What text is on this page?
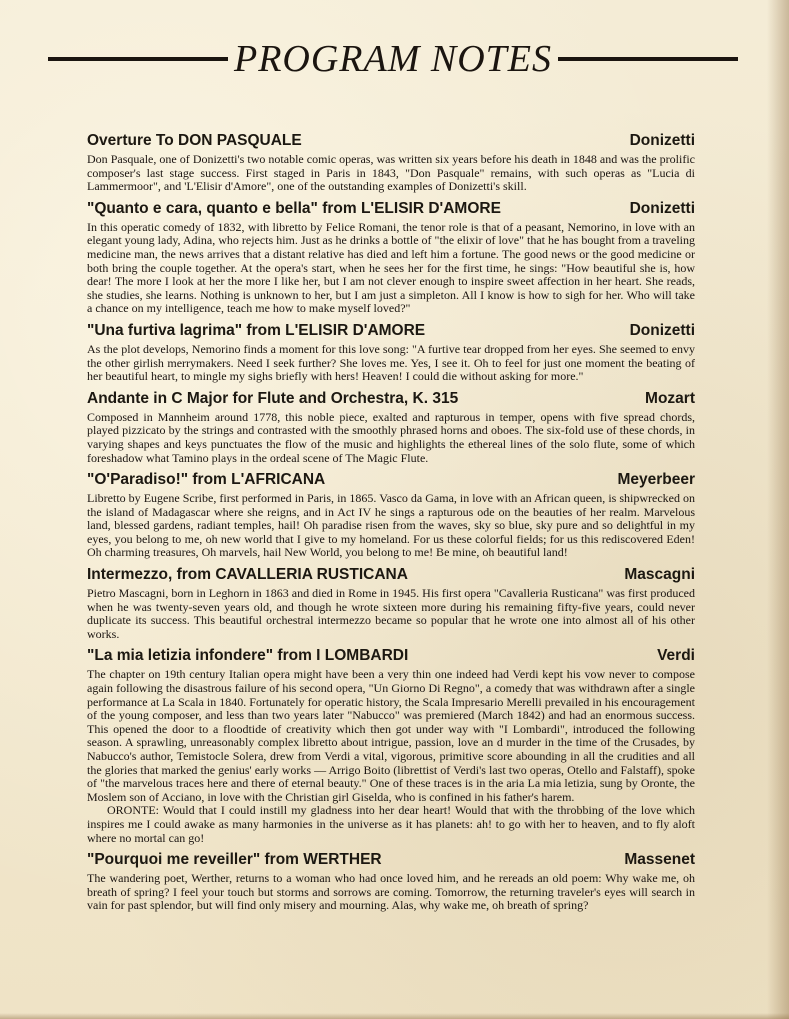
PROGRAM NOTES
Overture To DON PASQUALE	Donizetti

Don Pasquale, one of Donizetti's two notable comic operas, was written six years before his death in 1848 and was the prolific composer's last stage success. First staged in Paris in 1843, "Don Pasquale" remains, with such operas as "Lucia di Lammermoor", and 'L'Elisir d'Amore", one of the outstanding examples of Donizetti's skill.

"Quanto e cara, quanto e bella" from L'ELISIR D'AMORE	Donizetti

In this operatic comedy of 1832, with libretto by Felice Romani, the tenor role is that of a peasant, Nemorino, in love with an elegant young lady, Adina, who rejects him. Just as he drinks a bottle of "the elixir of love" that he has bought from a traveling medicine man, the news arrives that a distant relative has died and left him a fortune. The good news or the good medicine or both bring the couple together. At the opera's start, when he sees her for the first time, he sings: "How beautiful she is, how dear! The more I look at her the more I like her, but I am not clever enough to inspire sweet affection in her heart. She reads, she studies, she learns. Nothing is unknown to her, but I am just a simpleton. All I know is how to sigh for her. Who will take a chance on my intelligence, teach me how to make myself loved?"

"Una furtiva lagrima" from L'ELISIR D'AMORE	Donizetti

As the plot develops, Nemorino finds a moment for this love song: "A furtive tear dropped from her eyes. She seemed to envy the other girlish merrymakers. Need I seek further? She loves me. Yes, I see it. Oh to feel for just one moment the beating of her beautiful heart, to mingle my sighs briefly with hers! Heaven! I could die without asking for more."

Andante in C Major for Flute and Orchestra, K. 315	Mozart

Composed in Mannheim around 1778, this noble piece, exalted and rapturous in temper, opens with five spread chords, played pizzicato by the strings and contrasted with the smoothly phrased horns and oboes. The six-fold use of these chords, in varying shapes and keys punctuates the flow of the music and highlights the ethereal lines of the solo flute, some of which foreshadow what Tamino plays in the ordeal scene of The Magic Flute.

"O'Paradiso!" from L'AFRICANA	Meyerbeer

Libretto by Eugene Scribe, first performed in Paris, in 1865. Vasco da Gama, in love with an African queen, is shipwrecked on the island of Madagascar where she reigns, and in Act IV he sings a rapturous ode on the beauties of her realm. Marvelous land, blessed gardens, radiant temples, hail! Oh paradise risen from the waves, sky so blue, sky pure and so delightful in my eyes, you belong to me, oh new world that I give to my homeland. For us these colorful fields; for us this rediscovered Eden! Oh charming treasures, Oh marvels, hail New World, you belong to me! Be mine, oh beautiful land!

Intermezzo, from CAVALLERIA RUSTICANA	Mascagni

Pietro Mascagni, born in Leghorn in 1863 and died in Rome in 1945. His first opera "Cavalleria Rusticana" was first produced when he was twenty-seven years old, and though he wrote sixteen more during his remaining fifty-five years, could never duplicate its success. This beautiful orchestral intermezzo became so popular that he wrote one into almost all of his other works.

"La mia letizia infondere" from I LOMBARDI	Verdi

The chapter on 19th century Italian opera might have been a very thin one indeed had Verdi kept his vow never to compose again following the disastrous failure of his second opera, "Un Giorno Di Regno", a comedy that was withdrawn after a single performance at La Scala in 1840. Fortunately for operatic history, the Scala Impresario Merelli prevailed in his encouragement of the young composer, and less than two years later "Nabucco" was premiered (March 1842) and had an enormous success. This opened the door to a floodtide of creativity which then got under way with "I Lombardi", introduced the following season. A sprawling, unreasonably complex libretto about intrigue, passion, love an d murder in the time of the Crusades, by Nabucco's author, Temistocle Solera, drew from Verdi a vital, vigorous, primitive score abounding in all the crudities and all the glories that marked the genius' early works — Arrigo Boito (librettist of Verdi's last two operas, Otello and Falstaff), spoke of "the marvelous traces here and there of eternal beauty." One of these traces is in the aria La mia letizia, sung by Oronte, the Moslem son of Acciano, in love with the Christian girl Giselda, who is confined in his father's harem.

ORONTE: Would that I could instill my gladness into her dear heart! Would that with the throbbing of the love which inspires me I could awake as many harmonies in the universe as it has planets: ah! to go with her to heaven, and to fly aloft where no mortal can go!

"Pourquoi me reveiller" from WERTHER	Massenet

The wandering poet, Werther, returns to a woman who had once loved him, and he rereads an old poem: Why wake me, oh breath of spring? I feel your touch but storms and sorrows are coming. Tomorrow, the returning traveler's eyes will search in vain for past splendor, but will find only misery and mourning. Alas, why wake me, oh breath of spring?
